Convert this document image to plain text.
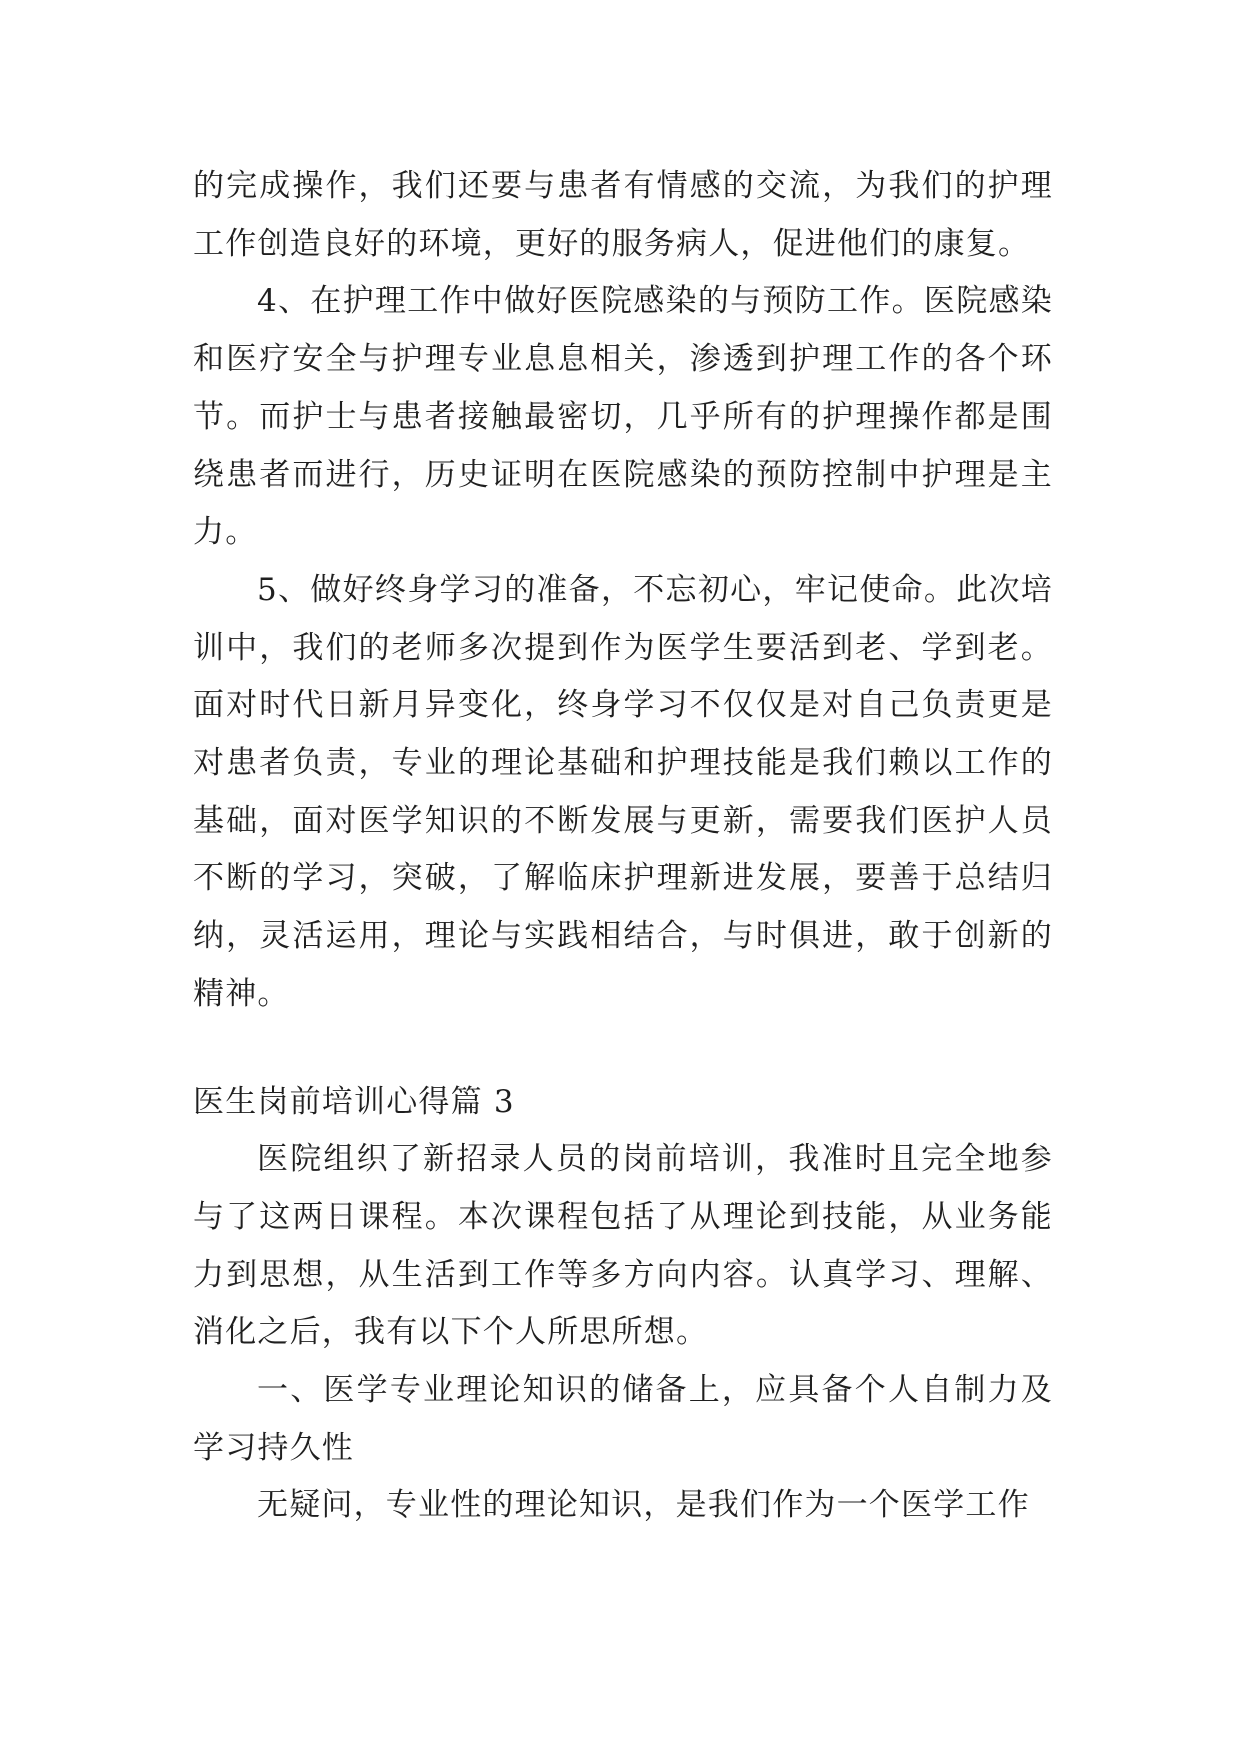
的完成操作，我们还要与患者有情感的交流，为我们的护理工作创造良好的环境，更好的服务病人，促进他们的康复。

4、在护理工作中做好医院感染的与预防工作。医院感染和医疗安全与护理专业息息相关，渗透到护理工作的各个环节。而护士与患者接触最密切，几乎所有的护理操作都是围绕患者而进行，历史证明在医院感染的预防控制中护理是主力。

5、做好终身学习的准备，不忘初心，牢记使命。此次培训中，我们的老师多次提到作为医学生要活到老、学到老。面对时代日新月异变化，终身学习不仅仅是对自己负责更是对患者负责，专业的理论基础和护理技能是我们赖以工作的基础，面对医学知识的不断发展与更新，需要我们医护人员不断的学习，突破，了解临床护理新进发展，要善于总结归纳，灵活运用，理论与实践相结合，与时俱进，敢于创新的精神。

医生岗前培训心得篇 3

医院组织了新招录人员的岗前培训，我准时且完全地参与了这两日课程。本次课程包括了从理论到技能，从业务能力到思想，从生活到工作等多方向内容。认真学习、理解、消化之后，我有以下个人所思所想。

一、医学专业理论知识的储备上，应具备个人自制力及学习持久性

无疑问，专业性的理论知识，是我们作为一个医学工作
